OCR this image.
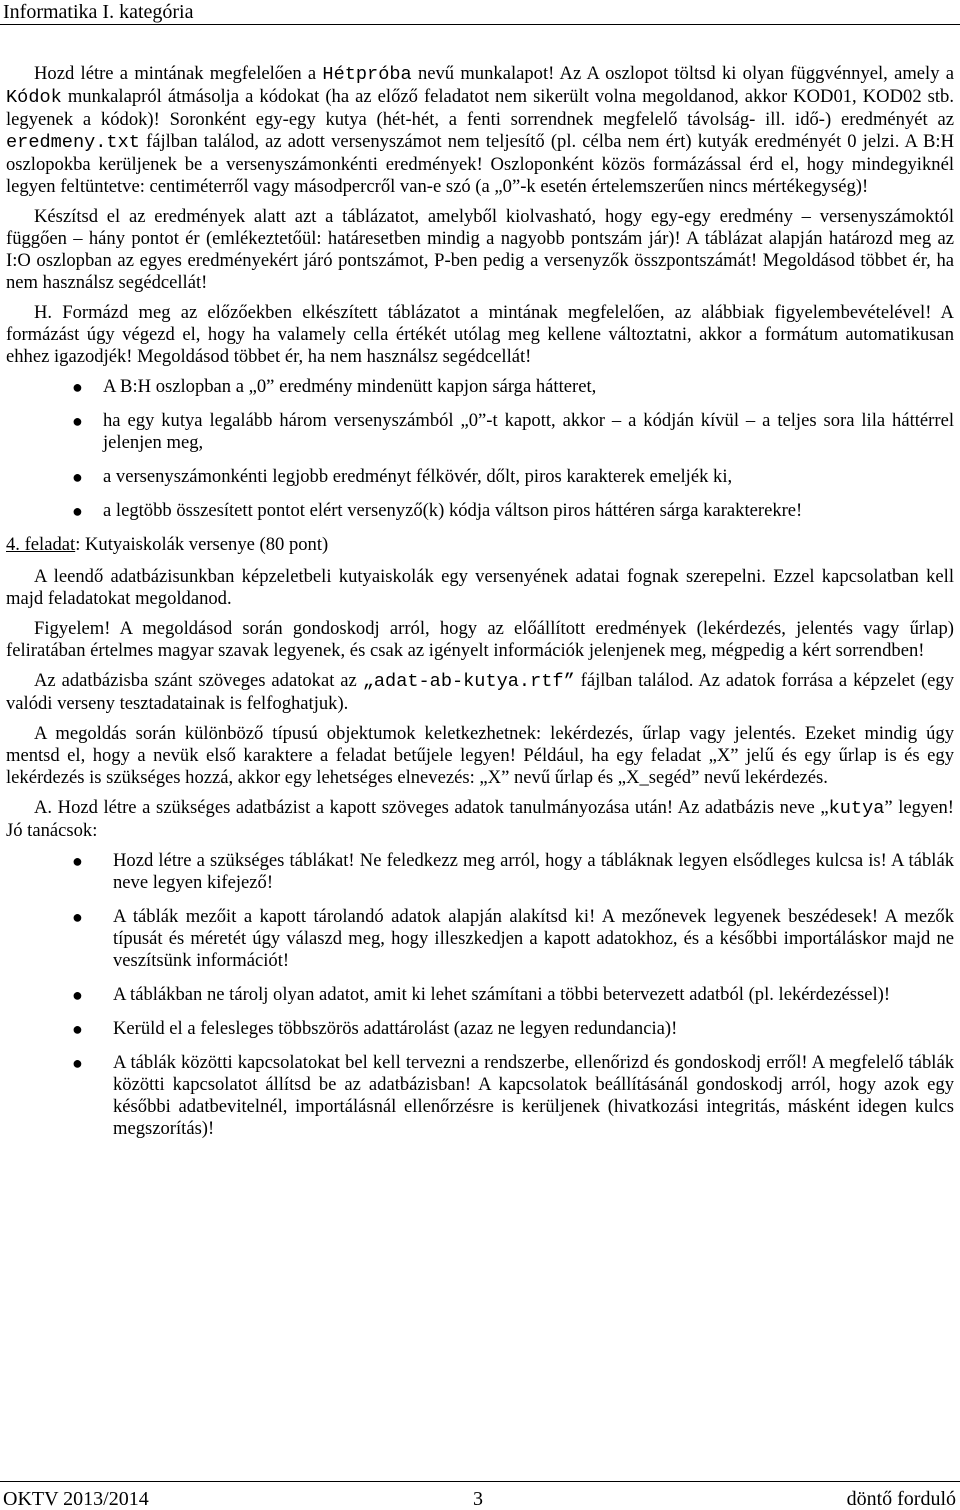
Informatika I. kategória

Hozd létre a mintának megfelelően a Hétpróba nevű munkalapot! Az A oszlopot töltsd ki olyan függvénnyel, amely a Kódok munkalapról átmásolja a kódokat (ha az előző feladatot nem sikerült volna megoldanod, akkor KOD01, KOD02 stb. legyenek a kódok)! Soronként egy-egy kutya (hét-hét, a fenti sorrendnek megfelelő távolság- ill. idő-) eredményét az eredmeny.txt fájlban találod, az adott versenyszámot nem teljesítő (pl. célba nem ért) kutyák eredményét 0 jelzi. A B:H oszlopokba kerüljenek be a versenyszámonkénti eredmények! Oszloponként közös formázással érd el, hogy mindegyiknél legyen feltüntetve: centiméterről vagy másodpercről van-e szó (a „0”-k esetén értelemszerűen nincs mértékegység)!

Készítsd el az eredmények alatt azt a táblázatot, amelyből kiolvasható, hogy egy-egy eredmény – versenyszámoktól függően – hány pontot ér (emlékeztetőül: határesetben mindig a nagyobb pontszám jár)! A táblázat alapján határozd meg az I:O oszlopban az egyes eredményekért járó pontszámot, P-ben pedig a versenyzők összpontszámát! Megoldásod többet ér, ha nem használsz segédcellát!

H. Formázd meg az előzőekben elkészített táblázatot a mintának megfelelően, az alábbiak figyelembevételével! A formázást úgy végezd el, hogy ha valamely cella értékét utólag meg kellene változtatni, akkor a formátum automatikusan ehhez igazodjék! Megoldásod többet ér, ha nem használsz segédcellát!

● A B:H oszlopban a „0” eredmény mindenütt kapjon sárga hátteret,
● ha egy kutya legalább három versenyszámból „0”-t kapott, akkor – a kódján kívül – a teljes sora lila háttérrel jelenjen meg,
● a versenyszámonkénti legjobb eredményt félkövér, dőlt, piros karakterek emeljék ki,
● a legtöbb összesített pontot elért versenyző(k) kódja váltson piros háttéren sárga karakterekre!

4. feladat: Kutyaiskolák versenye (80 pont)

A leendő adatbázisunkban képzeletbeli kutyaiskolák egy versenyének adatai fognak szerepelni. Ezzel kapcsolatban kell majd feladatokat megoldanod.

Figyelem! A megoldásod során gondoskodj arról, hogy az előállított eredmények (lekérdezés, jelentés vagy űrlap) feliratában értelmes magyar szavak legyenek, és csak az igényelt információk jelenjenek meg, mégpedig a kért sorrendben!

Az adatbázisba szánt szöveges adatokat az „adat-ab-kutya.rtf” fájlban találod. Az adatok forrása a képzelet (egy valódi verseny tesztadatainak is felfoghatjuk).

A megoldás során különböző típusú objektumok keletkezhetnek: lekérdezés, űrlap vagy jelentés. Ezeket mindig úgy mentsd el, hogy a nevük első karaktere a feladat betűjele legyen! Például, ha egy feladat „X” jelű és egy űrlap is és egy lekérdezés is szükséges hozzá, akkor egy lehetséges elnevezés: „X” nevű űrlap és „X_segéd” nevű lekérdezés.

A. Hozd létre a szükséges adatbázist a kapott szöveges adatok tanulmányozása után! Az adatbázis neve „kutya” legyen! Jó tanácsok:

● Hozd létre a szükséges táblákat! Ne feledkezz meg arról, hogy a tábláknak legyen elsődleges kulcsa is! A táblák neve legyen kifejező!
● A táblák mezőit a kapott tárolandó adatok alapján alakítsd ki! A mezőnevek legyenek beszédesek! A mezők típusát és méretét úgy válaszd meg, hogy illeszkedjen a kapott adatokhoz, és a későbbi importáláskor majd ne veszítsünk információt!
● A táblákban ne tárolj olyan adatot, amit ki lehet számítani a többi betervezett adatból (pl. lekérdezéssel)!
● Kerüld el a felesleges többszörös adattárolást (azaz ne legyen redundancia)!
● A táblák közötti kapcsolatokat bel kell tervezni a rendszerbe, ellenőrizd és gondoskodj erről! A megfelelő táblák közötti kapcsolatot állítsd be az adatbázisban! A kapcsolatok beállításánál gondoskodj arról, hogy azok egy későbbi adatbevitelnél, importálásnál ellenőrzésre is kerüljenek (hivatkozási integritás, másként idegen kulcs megszorítás)!
OKTV 2013/2014	3	döntő forduló
